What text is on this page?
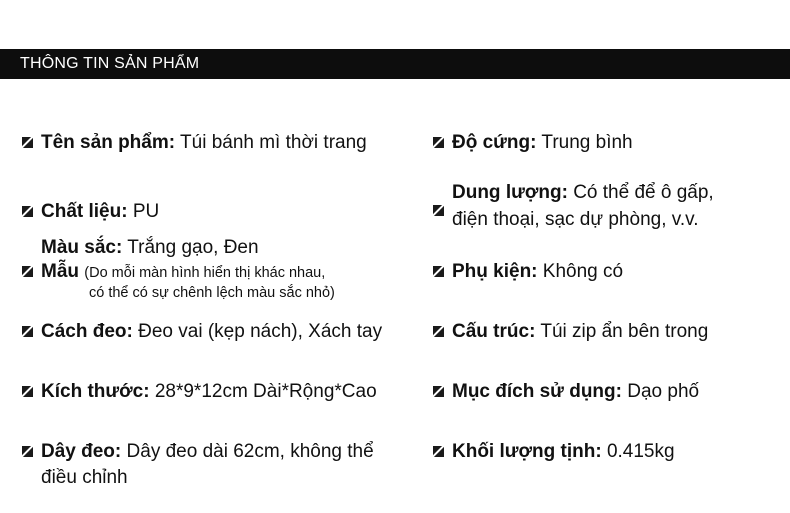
THÔNG TIN SẢN PHẨM
Tên sản phẩm: Túi bánh mì thời trang
Chất liệu: PU
Màu sắc: Trắng gạo, Đen
Mẫu (Do mỗi màn hình hiển thị khác nhau,
có thể có sự chênh lệch màu sắc nhỏ)
Cách đeo: Đeo vai (kẹp nách), Xách tay
Kích thước: 28*9*12cm Dài*Rộng*Cao
Dây đeo: Dây đeo dài 62cm, không thể
điều chỉnh
Độ cứng: Trung bình
Dung lượng: Có thể để ô gấp,
điện thoại, sạc dự phòng, v.v.
Phụ kiện: Không có
Cấu trúc: Túi zip ẩn bên trong
Mục đích sử dụng: Dạo phố
Khối lượng tịnh: 0.415kg
